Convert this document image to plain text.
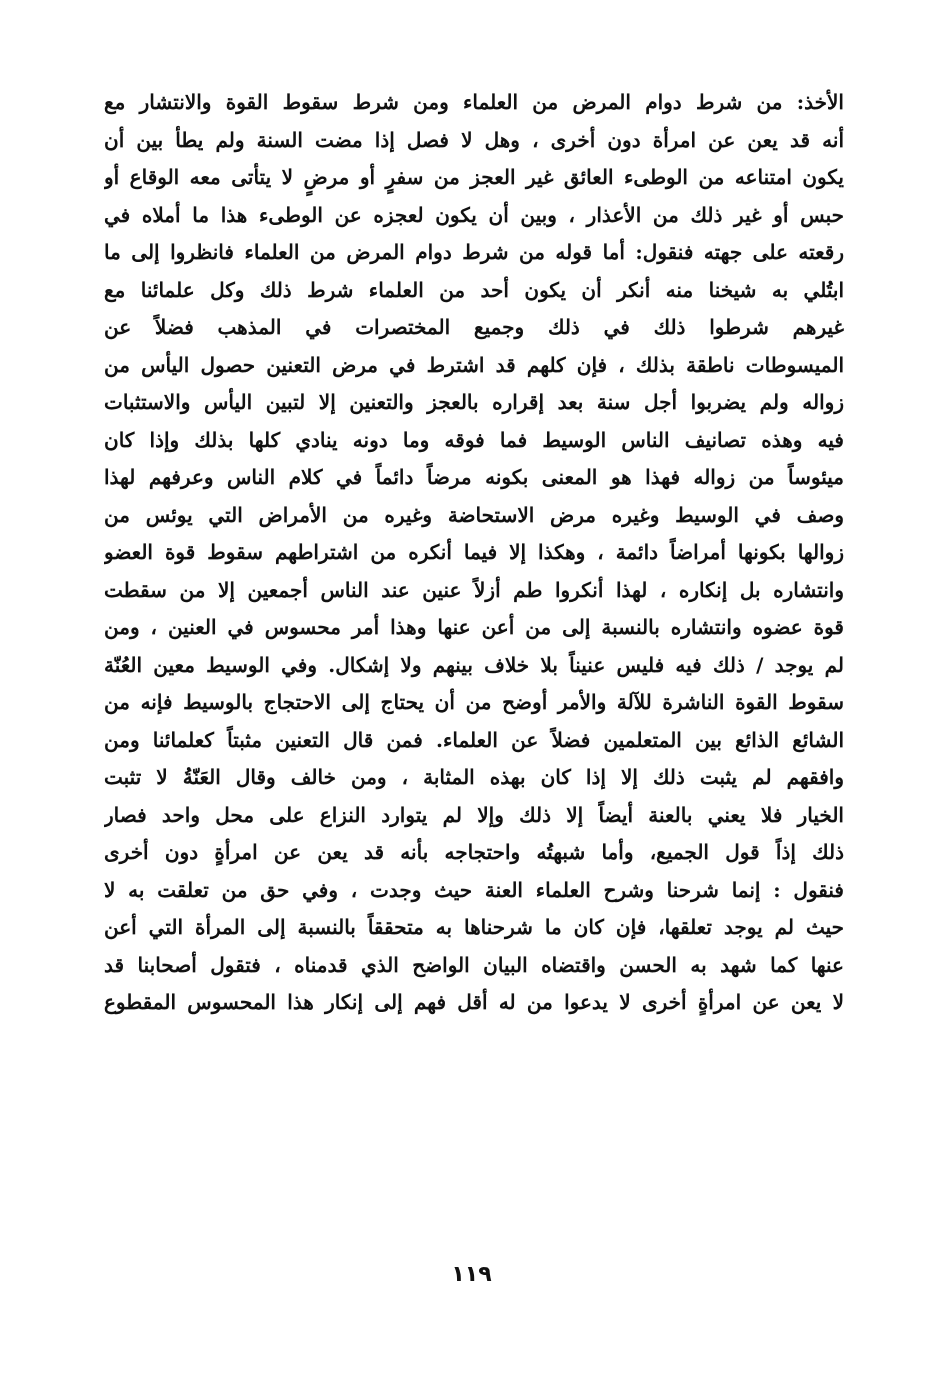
الأخذ: من شرط دوام المرض من العلماء ومن شرط سقوط القوة والانتشار مع
أنه قد يعن عن امرأة دون أخرى ، وهل لا فصل إذا مضت السنة ولم يطأ بين أن
يكون امتناعه من الوطىء العائق غير العجز من سفرٍ أو مرضٍ لا يتأتى معه الوقاع أو
حبس أو غير ذلك من الأعذار ، وبين أن يكون لعجزه عن الوطىء هذا ما أملاه في
رقعته على جهته فنقول: أما قوله من شرط دوام المرض من العلماء فانظروا إلى ما
ابتُلي به شيخنا منه أنكر أن يكون أحد من العلماء شرط ذلك وكل علمائنا مع
غيرهم شرطوا ذلك في ذلك وجميع المختصرات في المذهب فضلاً عن
الميسوطات ناطقة بذلك ، فإن كلهم قد اشترط في مرض التعنين حصول اليأس من
زواله ولم يضربوا أجل سنة بعد إقراره بالعجز والتعنين إلا لتبين اليأس والاستثبات
فيه وهذه تصانيف الناس الوسيط فما فوقه وما دونه ينادي كلها بذلك وإذا كان
ميئوساً من زواله فهذا هو المعنى بكونه مرضاً دائماً في كلام الناس وعرفهم لهذا
وصف في الوسيط وغيره مرض الاستحاضة وغيره من الأمراض التي يوئس من
زوالها بكونها أمراضاً دائمة ، وهكذا إلا فيما أنكره من اشتراطهم سقوط قوة العضو
وانتشاره بل إنكاره ، لهذا أنكروا طم أزلاً عنين عند الناس أجمعين إلا من سقطت
قوة عضوه وانتشاره بالنسبة إلى من أعن عنها وهذا أمر محسوس في العنين ، ومن
لم يوجد / ذلك فيه فليس عنيناً بلا خلاف بينهم ولا إشكال. وفي الوسيط معين العُنّة
سقوط القوة الناشرة للآلة والأمر أوضح من أن يحتاج إلى الاحتجاج بالوسيط فإنه من
الشائع الذائع بين المتعلمين فضلاً عن العلماء. فمن قال التعنين مثبتاً كعلمائنا ومن
وافقهم لم يثبت ذلك إلا إذا كان بهذه المثابة ، ومن خالف وقال العَنّةُ لا تثبت
الخيار فلا يعني بالعنة أيضاً إلا ذلك وإلا لم يتوارد النزاع على محل واحد فصار
ذلك إذاً قول الجميع، وأما شبهتُه واحتجاجه بأنه قد يعن عن امرأةٍ دون أخرى
فنقول : إنما شرحنا وشرح العلماء العنة حيث وجدت ، وفي حق من تعلقت به لا
حيث لم يوجد تعلقها، فإن كان ما شرحناها به متحققاً بالنسبة إلى المرأة التي أعن
عنها كما شهد به الحسن واقتضاه البيان الواضح الذي قدمناه ، فتقول أصحابنا قد
لا يعن عن امرأةٍ أخرى لا يدعوا من له أقل فهم إلى إنكار هذا المحسوس المقطوع
١١٩
